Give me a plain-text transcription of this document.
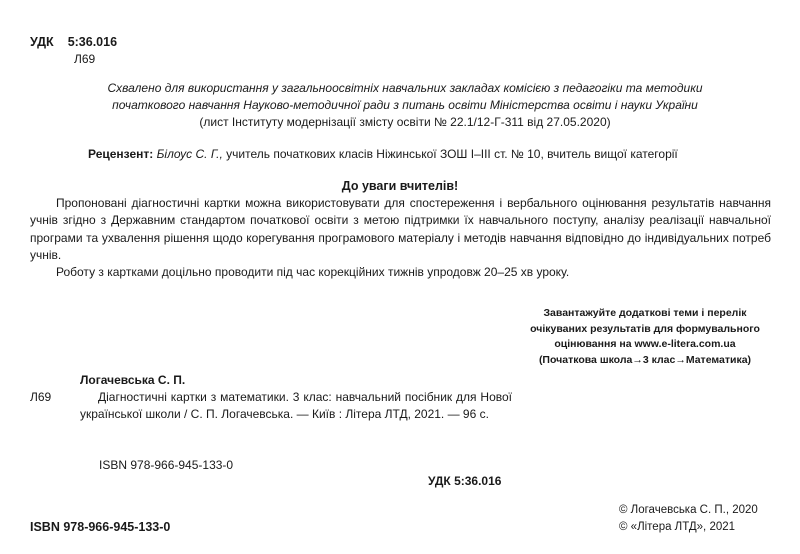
УДК 5:36.016
Л69
Схвалено для використання у загальноосвітніх навчальних закладах комісією з педагогіки та методики
початкового навчання Науково-методичної ради з питань освіти Міністерства освіти і науки України
(лист Інституту модернізації змісту освіти № 22.1/12-Г-311 від 27.05.2020)
Рецензент: Білоус С. Г., учитель початкових класів Ніжинської ЗОШ І–ІІІ ст. № 10, вчитель вищої категорії
До уваги вчителів!

Пропоновані діагностичні картки можна використовувати для спостереження і вербального оцінювання результатів навчання учнів згідно з Державним стандартом початкової освіти з метою підтримки їх навчального поступу, аналізу реалізації навчальної програми та ухвалення рішення щодо корегування програмового матеріалу і методів навчання відповідно до індивідуальних потреб учнів.

Роботу з картками доцільно проводити під час корекційних тижнів упродовж 20–25 хв уроку.

Завантажуйте додаткові теми і перелік
очікуваних результатів для формувального
оцінювання на www.e-litera.com.ua
(Початкова школа→3 клас→Математика)
Логачевська С. П.
Л69	Діагностичні картки з математики. 3 клас: навчальний посібник для Нової української школи / С. П. Логачевська. — Київ : Літера ЛТД, 2021. — 96 с.

ISBN 978-966-945-133-0
УДК 5:36.016
ISBN 978-966-945-133-0
© Логачевська С. П., 2020
© «Літера ЛТД», 2021
